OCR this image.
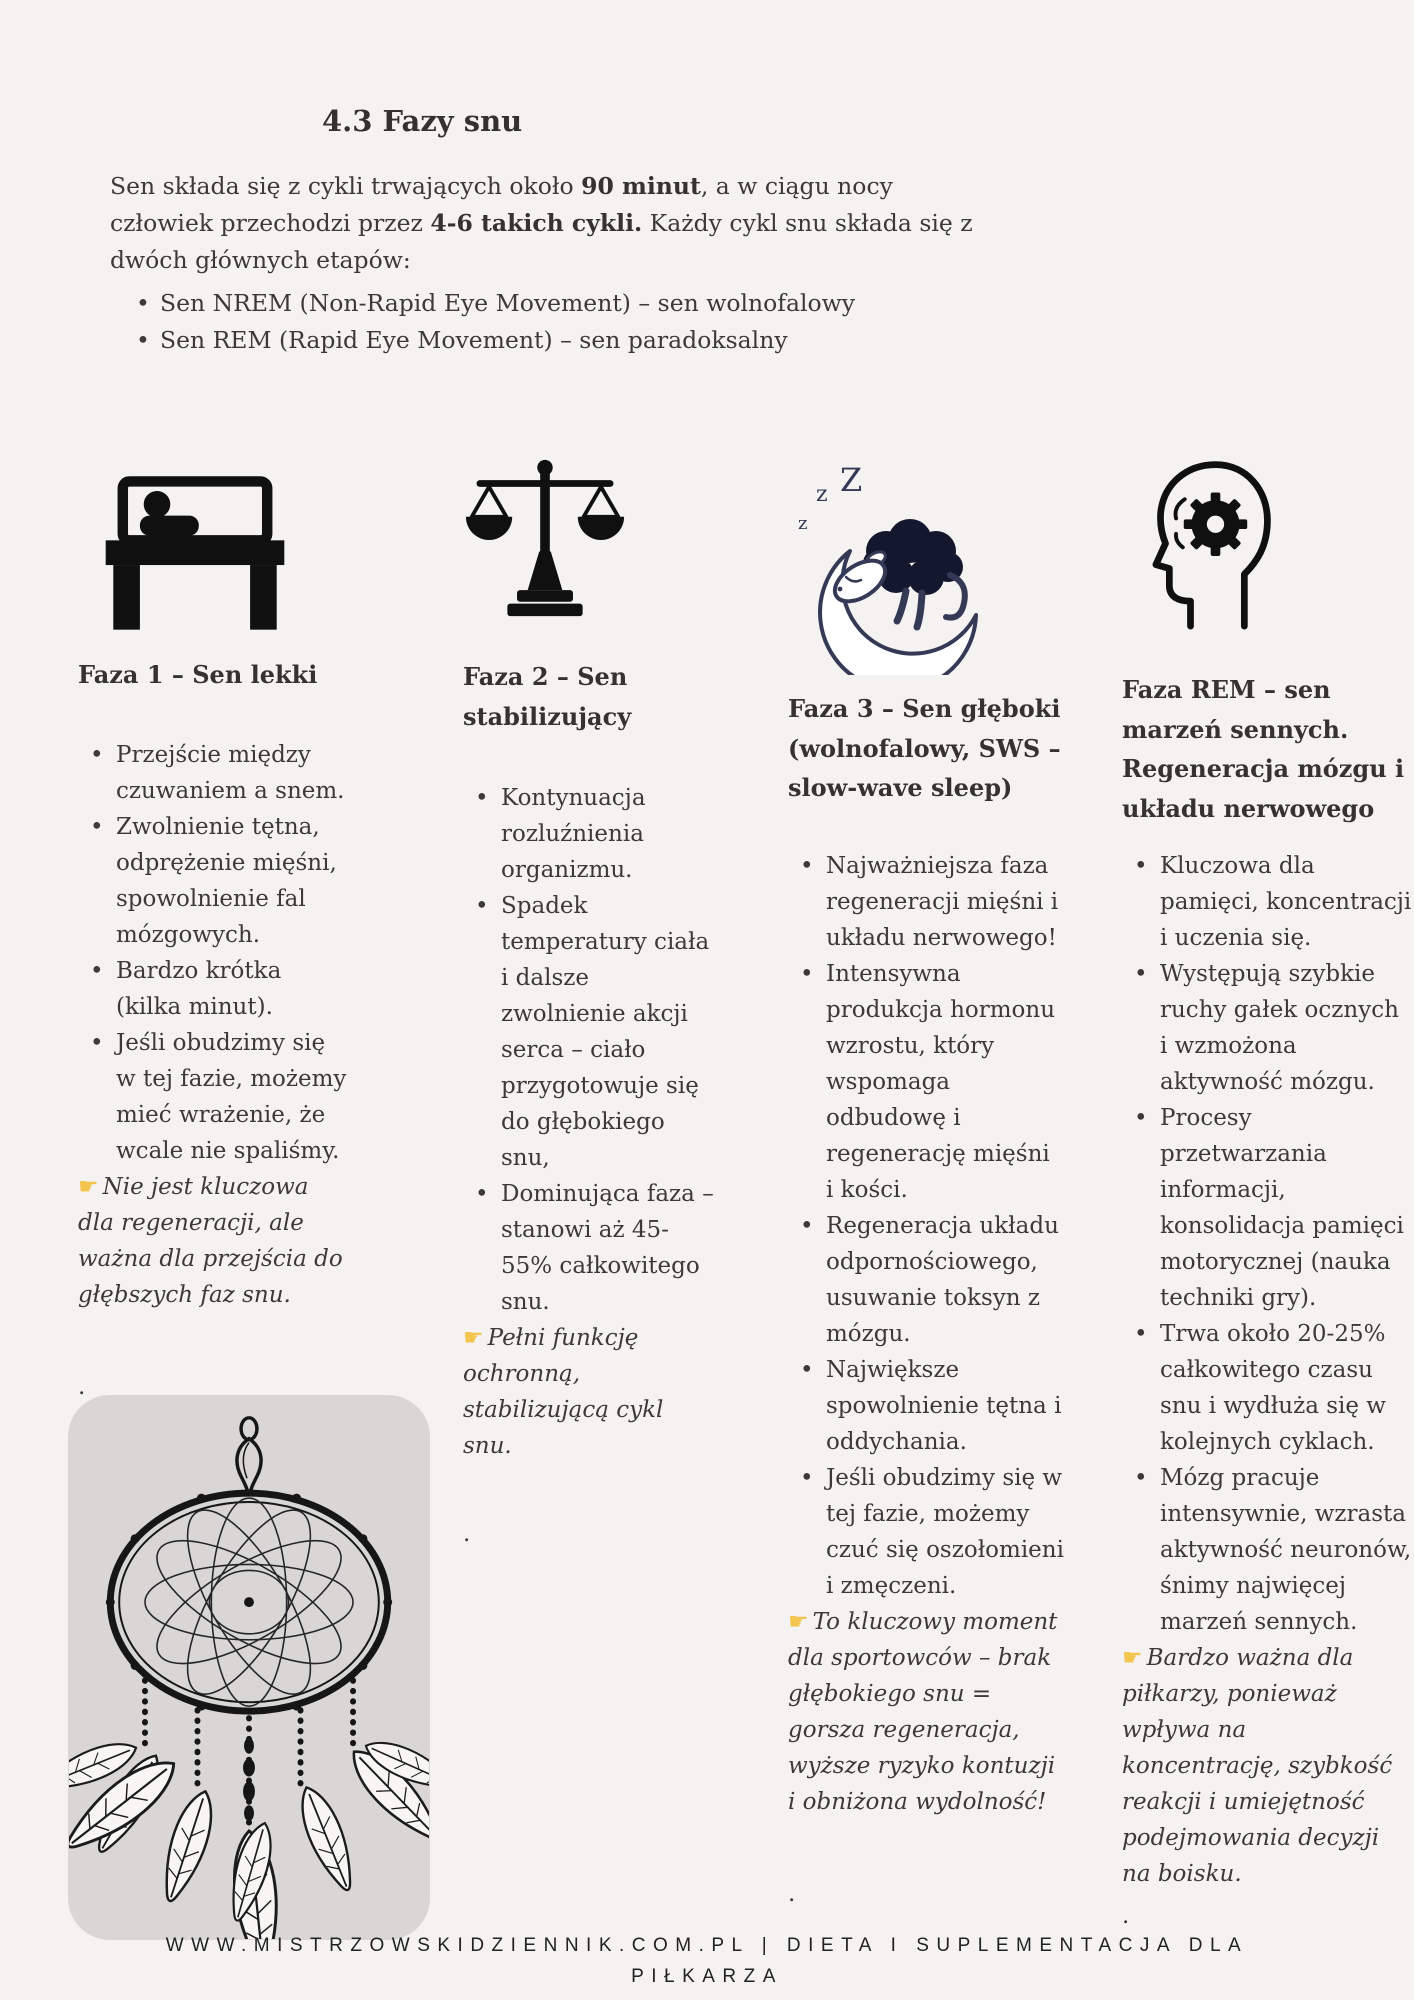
4.3 Fazy snu

Sen składa się z cykli trwających około 90 minut, a w ciągu nocy człowiek przechodzi przez 4-6 takich cykli. Każdy cykl snu składa się z dwóch głównych etapów:

• Sen NREM (Non-Rapid Eye Movement) – sen wolnofalowy
• Sen REM (Rapid Eye Movement) – sen paradoksalny
Faza 1 – Sen lekki
• Przejście między czuwaniem a snem.
• Zwolnienie tętna, odprężenie mięśni, spowolnienie fal mózgowych.
• Bardzo krótka (kilka minut).
• Jeśli obudzimy się w tej fazie, możemy mieć wrażenie, że wcale nie spaliśmy.

☛ Nie jest kluczowa dla regeneracji, ale ważna dla przejścia do głębszych faz snu.

.

Faza 2 – Sen stabilizujący
• Kontynuacja rozluźnienia organizmu.
• Spadek temperatury ciała i dalsze zwolnienie akcji serca – ciało przygotowuje się do głębokiego snu,
• Dominująca faza – stanowi aż 45-55% całkowitego snu.

☛ Pełni funkcję ochronną, stabilizującą cykl snu.

.

z Z
z
Faza 3 – Sen głęboki (wolnofalowy, SWS – slow-wave sleep)
• Najważniejsza faza regeneracji mięśni i układu nerwowego!
• Intensywna produkcja hormonu wzrostu, który wspomaga odbudowę i regenerację mięśni i kości.
• Regeneracja układu odpornościowego, usuwanie toksyn z mózgu.
• Największe spowolnienie tętna i oddychania.
• Jeśli obudzimy się w tej fazie, możemy czuć się oszołomieni i zmęczeni.

☛ To kluczowy moment dla sportowców – brak głębokiego snu = gorsza regeneracja, wyższe ryzyko kontuzji i obniżona wydolność!

.

Faza REM – sen marzeń sennych. Regeneracja mózgu i układu nerwowego
• Kluczowa dla pamięci, koncentracji i uczenia się.
• Występują szybkie ruchy gałek ocznych i wzmożona aktywność mózgu.
• Procesy przetwarzania informacji, konsolidacja pamięci motorycznej (nauka techniki gry).
• Trwa około 20-25% całkowitego czasu snu i wydłuża się w kolejnych cyklach.
• Mózg pracuje intensywnie, wzrasta aktywność neuronów, śnimy najwięcej marzeń sennych.

☛ Bardzo ważna dla piłkarzy, ponieważ wpływa na koncentrację, szybkość reakcji i umiejętność podejmowania decyzji na boisku.

.

WWW.MISTRZOWSKIDZIENNIK.COM.PL | DIETA I SUPLEMENTACJA DLA PIŁKARZA
